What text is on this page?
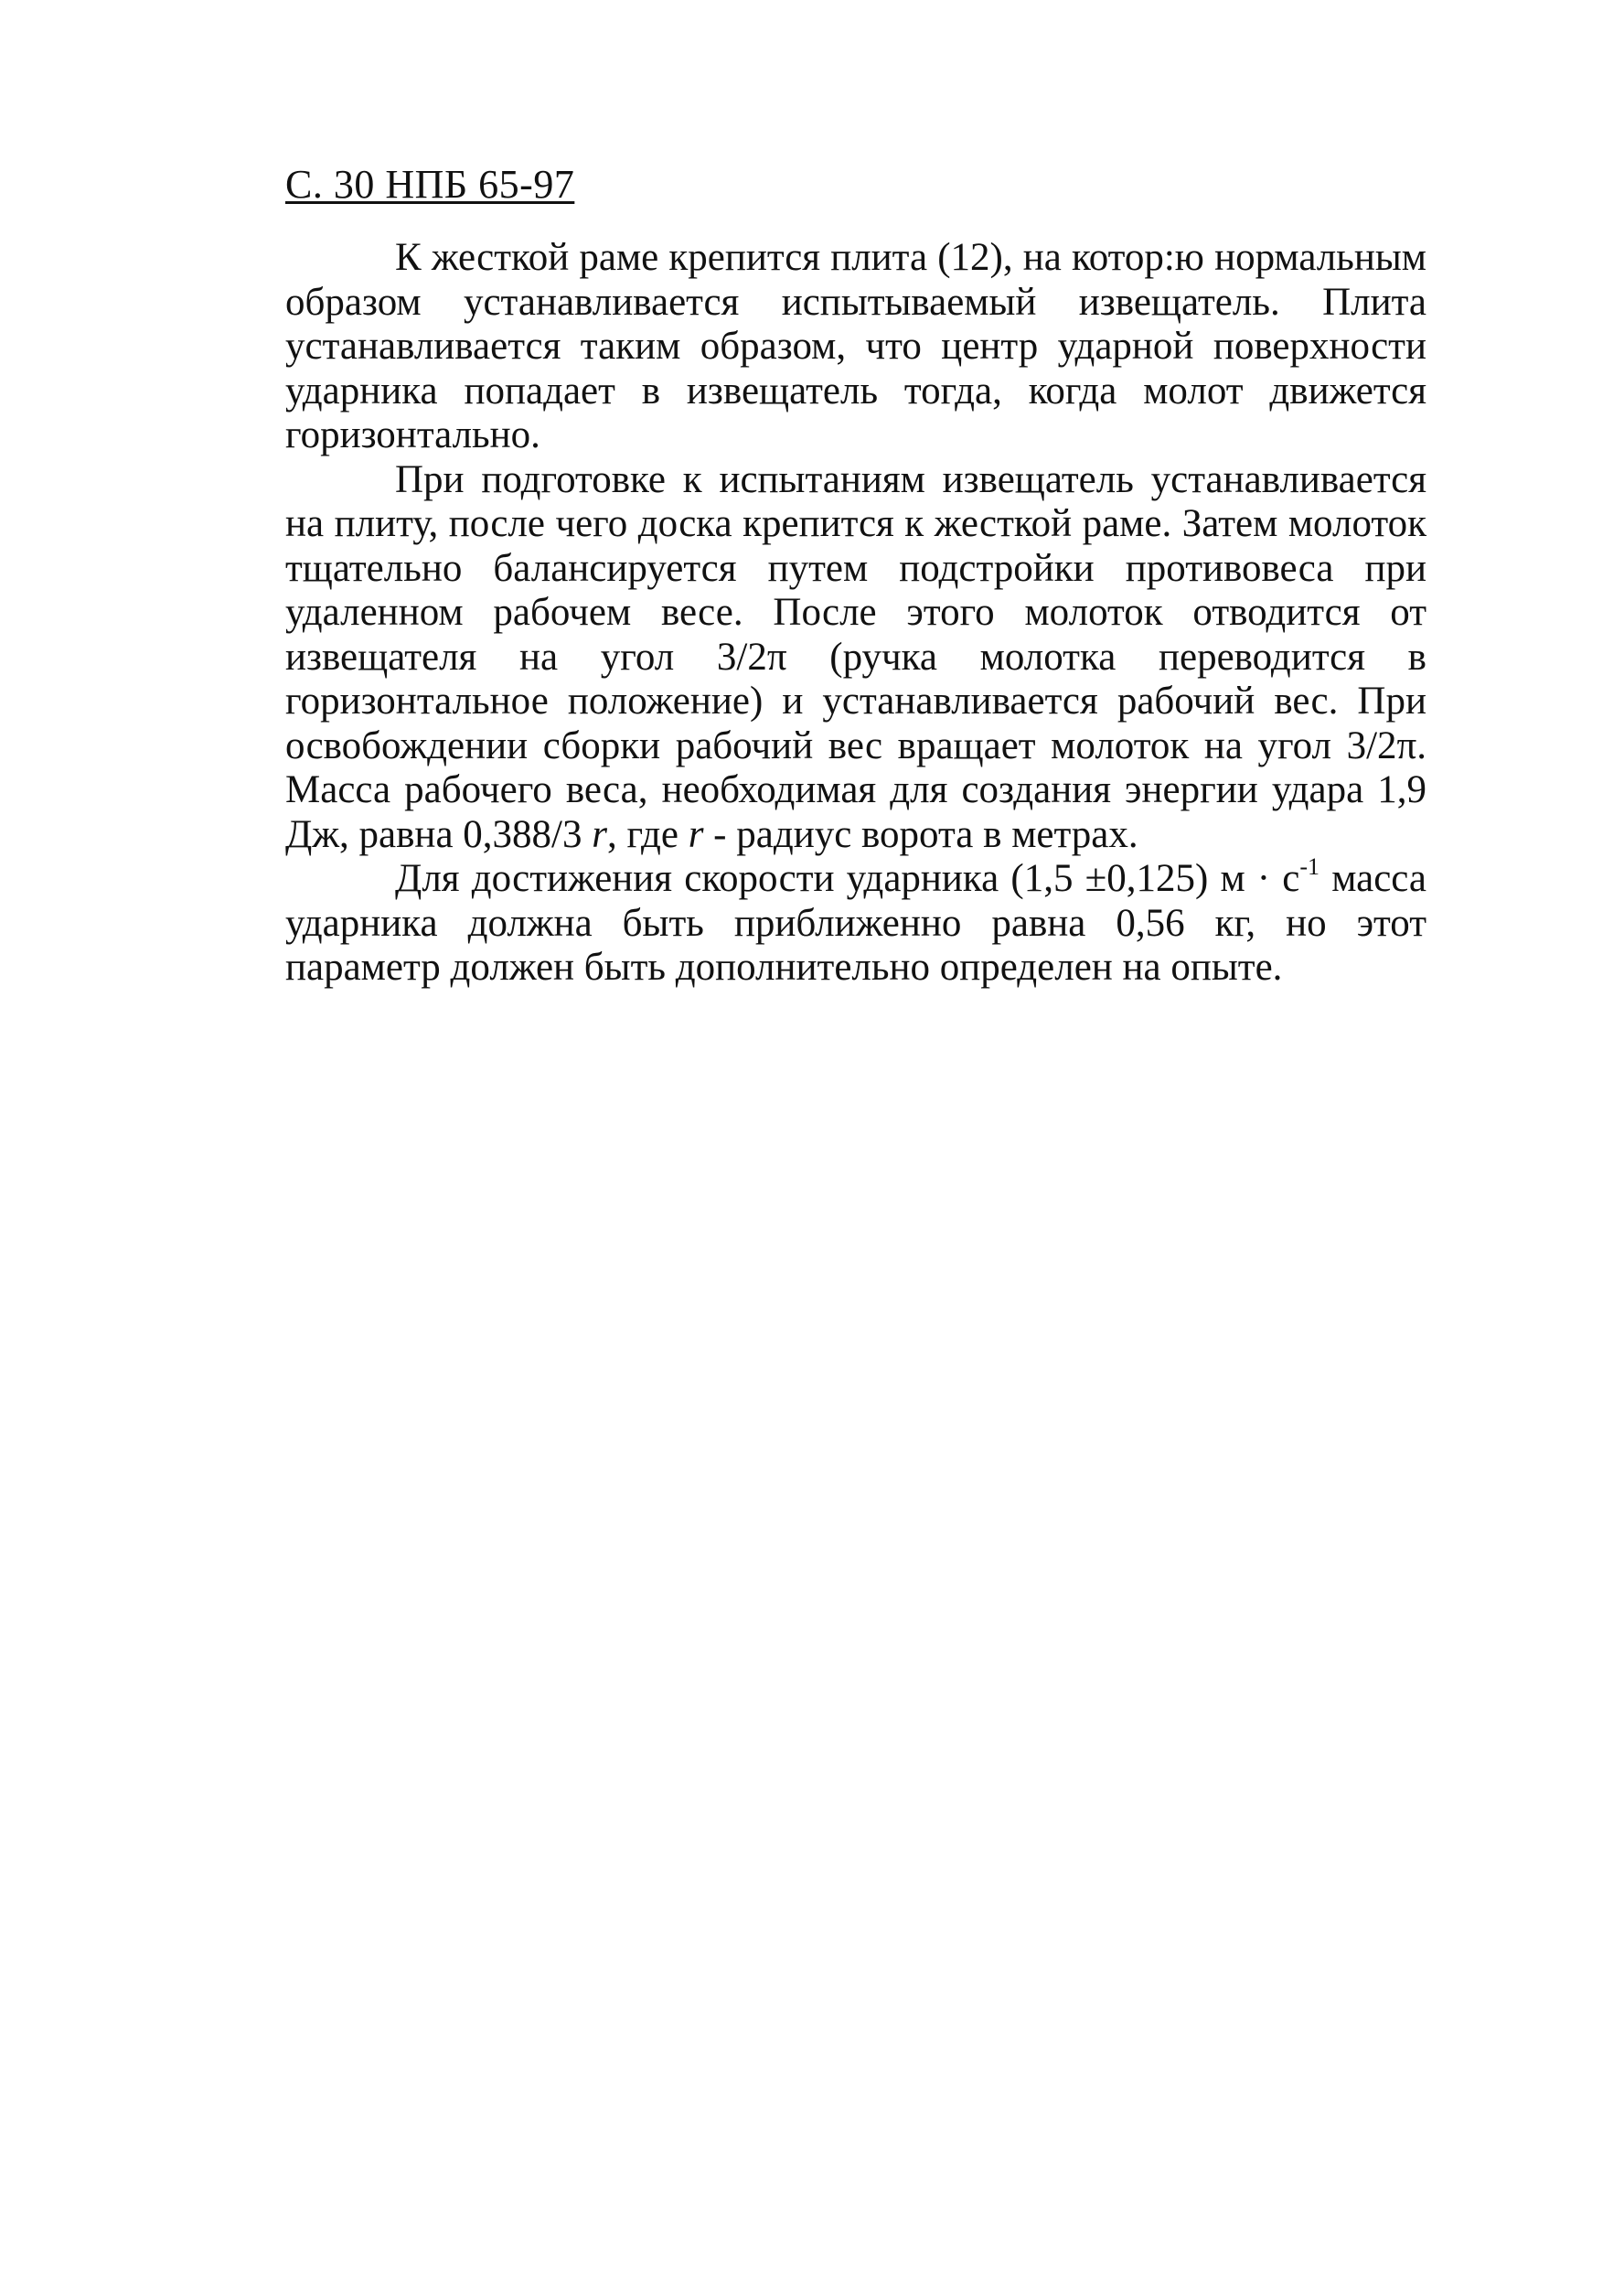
С. 30 НПБ 65-97

К жесткой раме крепится плита (12), на котор:ю нормальным образом устанавливается испытываемый извещатель. Плита устанавливается таким образом, что центр ударной поверхности ударника попадает в извещатель тогда, когда молот движется горизонтально.

При подготовке к испытаниям извещатель устанавливается на плиту, после чего доска крепится к жесткой раме. Затем молоток тщательно балансируется путем подстройки противовеса при удаленном рабочем весе. После этого молоток отводится от извещателя на угол 3/2π (ручка молотка переводится в горизонтальное положение) и устанавливается рабочий вес. При освобождении сборки рабочий вес вращает молоток на угол 3/2π. Масса рабочего веса, необходимая для создания энергии удара 1,9 Дж, равна 0,388/3 r, где r - радиус ворота в метрах.

Для достижения скорости ударника (1,5 ±0,125) $м \cdot с^{-1}$ масса ударника должна быть приближенно равна 0,56 кг, но этот параметр должен быть дополнительно определен на опыте.
